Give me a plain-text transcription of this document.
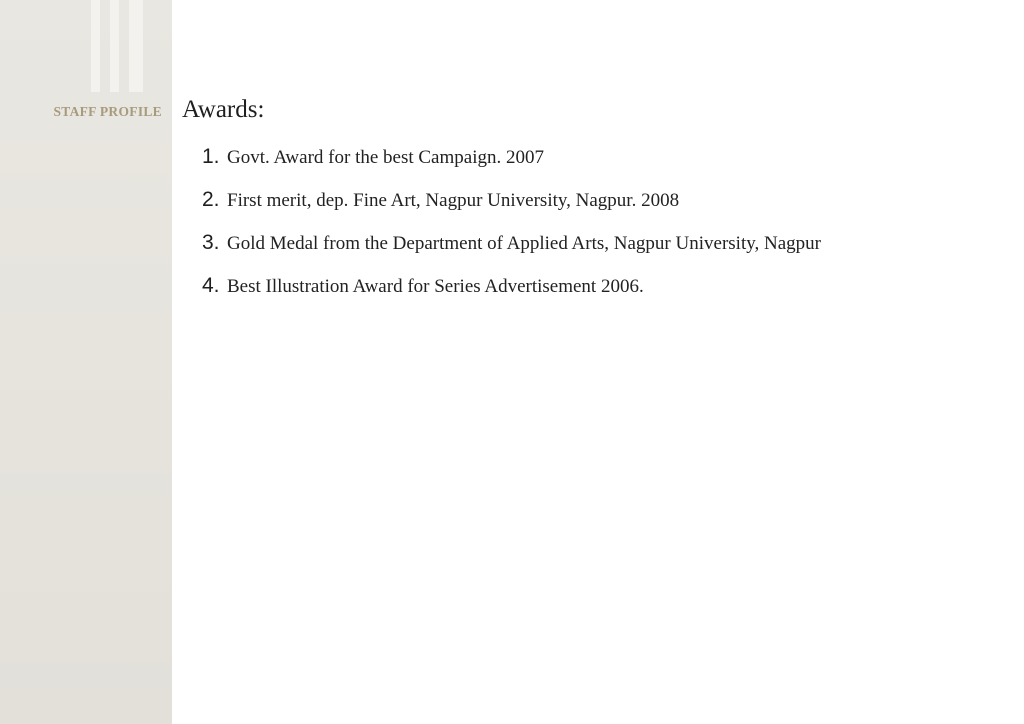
STAFF PROFILE Awards:
1. Govt. Award for the best Campaign. 2007
2. First merit, dep. Fine Art, Nagpur University, Nagpur. 2008
3. Gold Medal from the Department of Applied Arts, Nagpur University, Nagpur
4. Best Illustration Award for Series Advertisement 2006.
